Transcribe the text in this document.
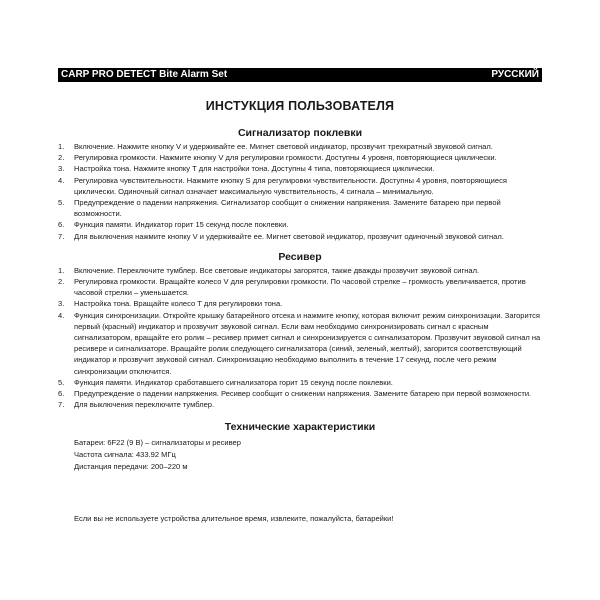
CARP PRO DETECT Bite Alarm Set	РУССКИЙ
ИНСТУКЦИЯ ПОЛЬЗОВАТЕЛЯ
Сигнализатор поклевки
1.	Включение. Нажмите кнопку V и удерживайте ее. Мигнет световой индикатор, прозвучит трехкратный звуковой сигнал.
2.	Регулировка громкости. Нажмите кнопку V для регулировки громкости. Доступны 4 уровня, повторяющиеся циклически.
3.	Настройка тона. Нажмите кнопку T для настройки тона. Доступны 4 типа, повторяющиеся циклически.
4.	Регулировка чувствительности. Нажмите кнопку S для регулировки чувствительности. Доступны 4 уровня, повторяющиеся циклически. Одиночный сигнал означает максимальную чувствительность, 4 сигнала – минимальную.
5.	Предупреждение о падении напряжения. Сигнализатор сообщит о снижении напряжения. Замените батарею при первой возможности.
6.	Функция памяти. Индикатор горит 15 секунд после поклевки.
7.	Для выключения нажмите кнопку V и удерживайте ее. Мигнет световой индикатор, прозвучит одиночный звуковой сигнал.
Ресивер
1.	Включение. Переключите тумблер. Все световые индикаторы загорятся, также дважды прозвучит звуковой сигнал.
2.	Регулировка громкости. Вращайте колесо V для регулировки громкости. По часовой стрелке – громкость увеличивается, против часовой стрелки – уменьшается.
3.	Настройка тона. Вращайте колесо T для регулировки тона.
4.	Функция синхронизации. Откройте крышку батарейного отсека и нажмите кнопку, которая включит режим синхронизации. Загорится первый (красный) индикатор и прозвучит звуковой сигнал. Если вам необходимо синхронизировать сигнал с красным сигнализатором, вращайте его ролик – ресивер примет сигнал и синхронизируется с сигнализатором. Прозвучит звуковой сигнал на ресивере и сигнализаторе. Вращайте ролик следующего сигнализатора (синий, зеленый, желтый), загорится соответствующий индикатор и прозвучит звуковой сигнал. Синхронизацию необходимо выполнить в течение 17 секунд, после чего режим синхронизации отключится.
5.	Функция памяти. Индикатор сработавшего сигнализатора горит 15 секунд после поклевки.
6.	Предупреждение о падении напряжения. Ресивер сообщит о снижении напряжения. Замените батарею при первой возможности.
7.	Для выключения переключите тумблер.
Технические характеристики
Батареи: 6F22 (9 В) – сигнализаторы и ресивер
Частота сигнала: 433.92 МГц
Дистанция передачи: 200–220 м
Если вы не используете устройства длительное время, извлеките, пожалуйста, батарейки!
